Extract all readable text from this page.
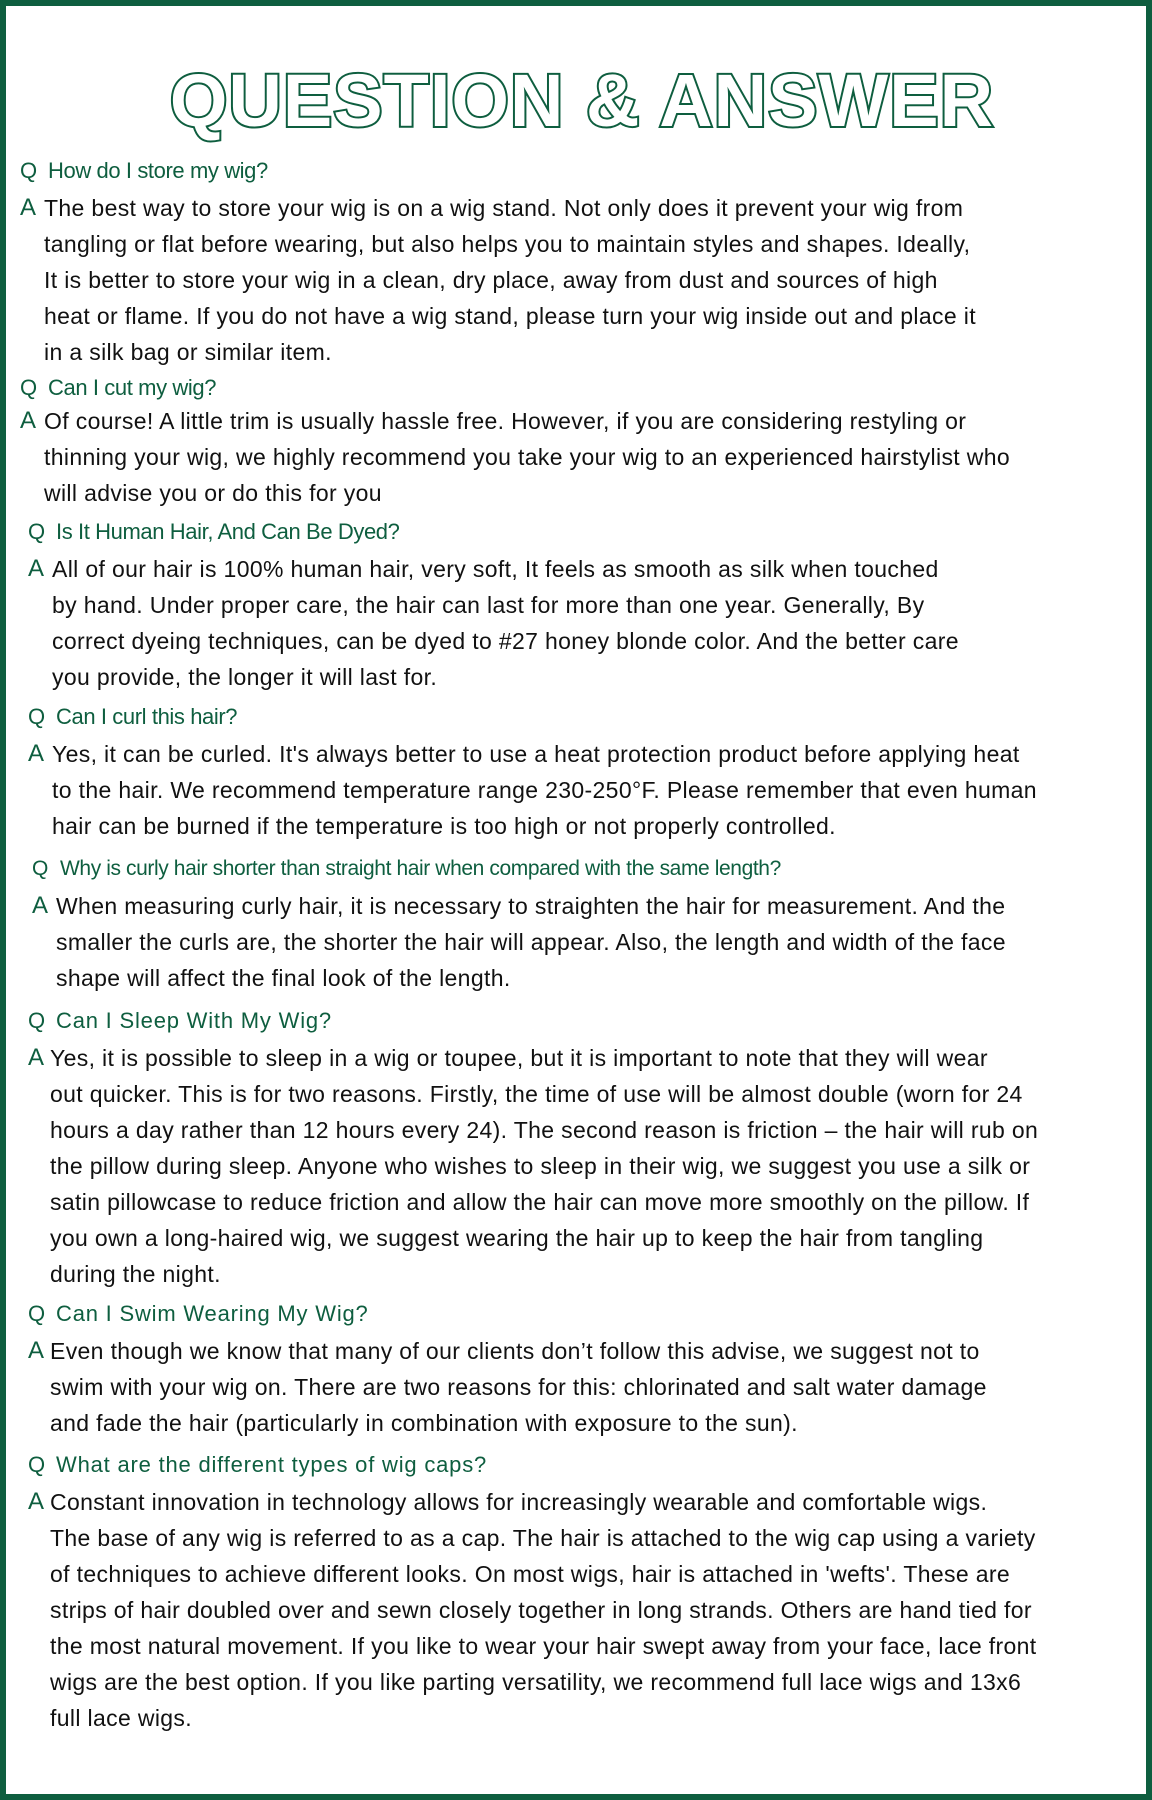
QUESTION & ANSWER
Q How do I store my wig?
A The best way to store your wig is on a wig stand. Not only does it prevent your wig from
tangling or flat before wearing, but also helps you to maintain styles and shapes. Ideally,
It is better to store your wig in a clean, dry place, away from dust and sources of high
heat or flame. If you do not have a wig stand, please turn your wig inside out and place it
in a silk bag or similar item.
Q Can I cut my wig?
A Of course! A little trim is usually hassle free. However, if you are considering restyling or
thinning your wig, we highly recommend you take your wig to an experienced hairstylist who
will advise you or do this for you
Q Is It Human Hair, And Can Be Dyed?
A All of our hair is 100% human hair, very soft, It feels as smooth as silk when touched
by hand. Under proper care, the hair can last for more than one year. Generally, By
correct dyeing techniques, can be dyed to #27 honey blonde color. And the better care
you provide, the longer it will last for.
Q Can I curl this hair?
A Yes, it can be curled. It's always better to use a heat protection product before applying heat
to the hair. We recommend temperature range 230-250°F. Please remember that even human
hair can be burned if the temperature is too high or not properly controlled.
Q Why is curly hair shorter than straight hair when compared with the same length?
A When measuring curly hair, it is necessary to straighten the hair for measurement. And the
smaller the curls are, the shorter the hair will appear. Also, the length and width of the face
shape will affect the final look of the length.
Q Can I Sleep With My Wig?
A Yes, it is possible to sleep in a wig or toupee, but it is important to note that they will wear
out quicker. This is for two reasons. Firstly, the time of use will be almost double (worn for 24
hours a day rather than 12 hours every 24). The second reason is friction – the hair will rub on
the pillow during sleep. Anyone who wishes to sleep in their wig, we suggest you use a silk or
satin pillowcase to reduce friction and allow the hair can move more smoothly on the pillow. If
you own a long-haired wig, we suggest wearing the hair up to keep the hair from tangling
during the night.
Q Can I Swim Wearing My Wig?
A Even though we know that many of our clients don’t follow this advise, we suggest not to
swim with your wig on. There are two reasons for this: chlorinated and salt water damage
and fade the hair (particularly in combination with exposure to the sun).
Q What are the different types of wig caps?
A Constant innovation in technology allows for increasingly wearable and comfortable wigs.
The base of any wig is referred to as a cap. The hair is attached to the wig cap using a variety
of techniques to achieve different looks. On most wigs, hair is attached in 'wefts'. These are
strips of hair doubled over and sewn closely together in long strands. Others are hand tied for
the most natural movement. If you like to wear your hair swept away from your face, lace front
wigs are the best option. If you like parting versatility, we recommend full lace wigs and 13x6
full lace wigs.
